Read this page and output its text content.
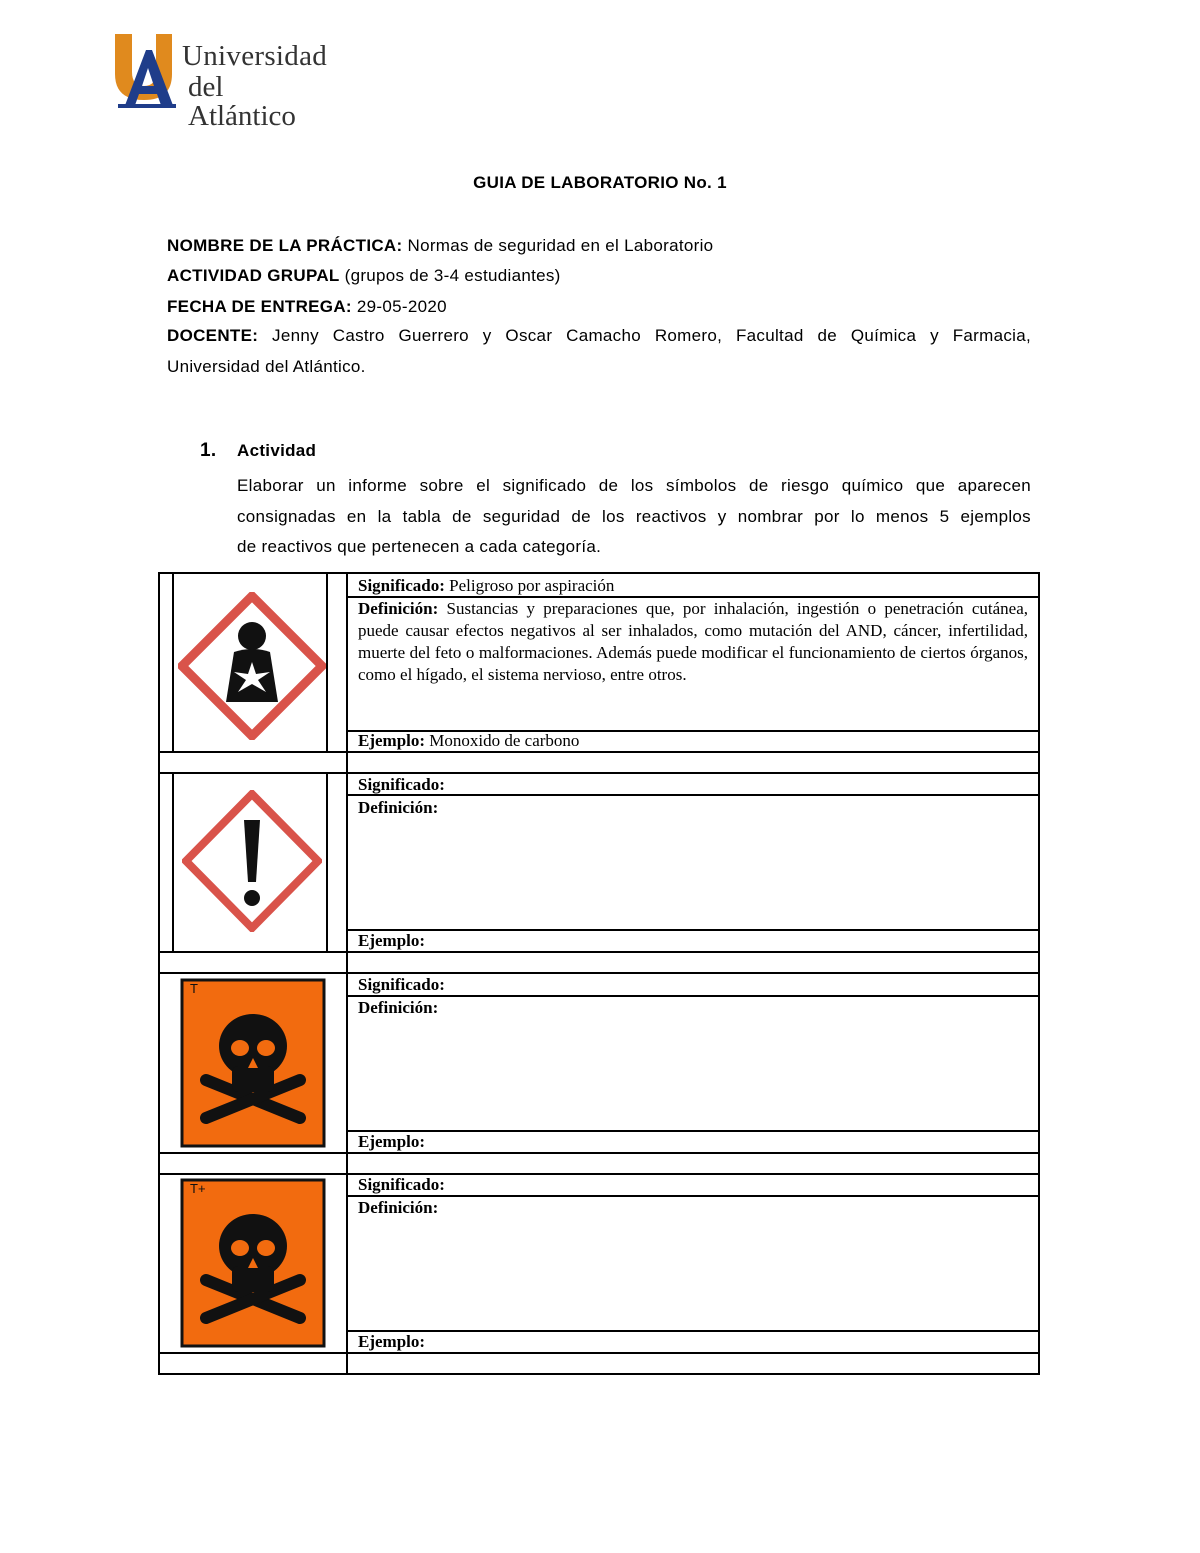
Universidad
del Atlántico
GUIA DE LABORATORIO No. 1
NOMBRE DE LA PRÁCTICA: Normas de seguridad en el Laboratorio
ACTIVIDAD GRUPAL (grupos de 3-4 estudiantes)
FECHA DE ENTREGA: 29-05-2020
DOCENTE: Jenny Castro Guerrero y Oscar Camacho Romero, Facultad de Química y Farmacia,
Universidad del Atlántico.
1. Actividad
Elaborar un informe sobre el significado de los símbolos de riesgo químico que aparecen
consignadas en la tabla de seguridad de los reactivos y nombrar por lo menos 5 ejemplos
de reactivos que pertenecen a cada categoría.
T
T+
Significado: Peligroso por aspiración
Definición: Sustancias y preparaciones que, por inhalación, ingestión o penetración cutánea, puede causar efectos negativos al ser inhalados, como mutación del AND, cáncer, infertilidad, muerte del feto o malformaciones. Además puede modificar el funcionamiento de ciertos órganos, como el hígado, el sistema nervioso, entre otros.
Ejemplo: Monoxido de carbono
Significado:
Definición:
Ejemplo:
Significado:
Definición:
Ejemplo:
Significado:
Definición:
Ejemplo:
